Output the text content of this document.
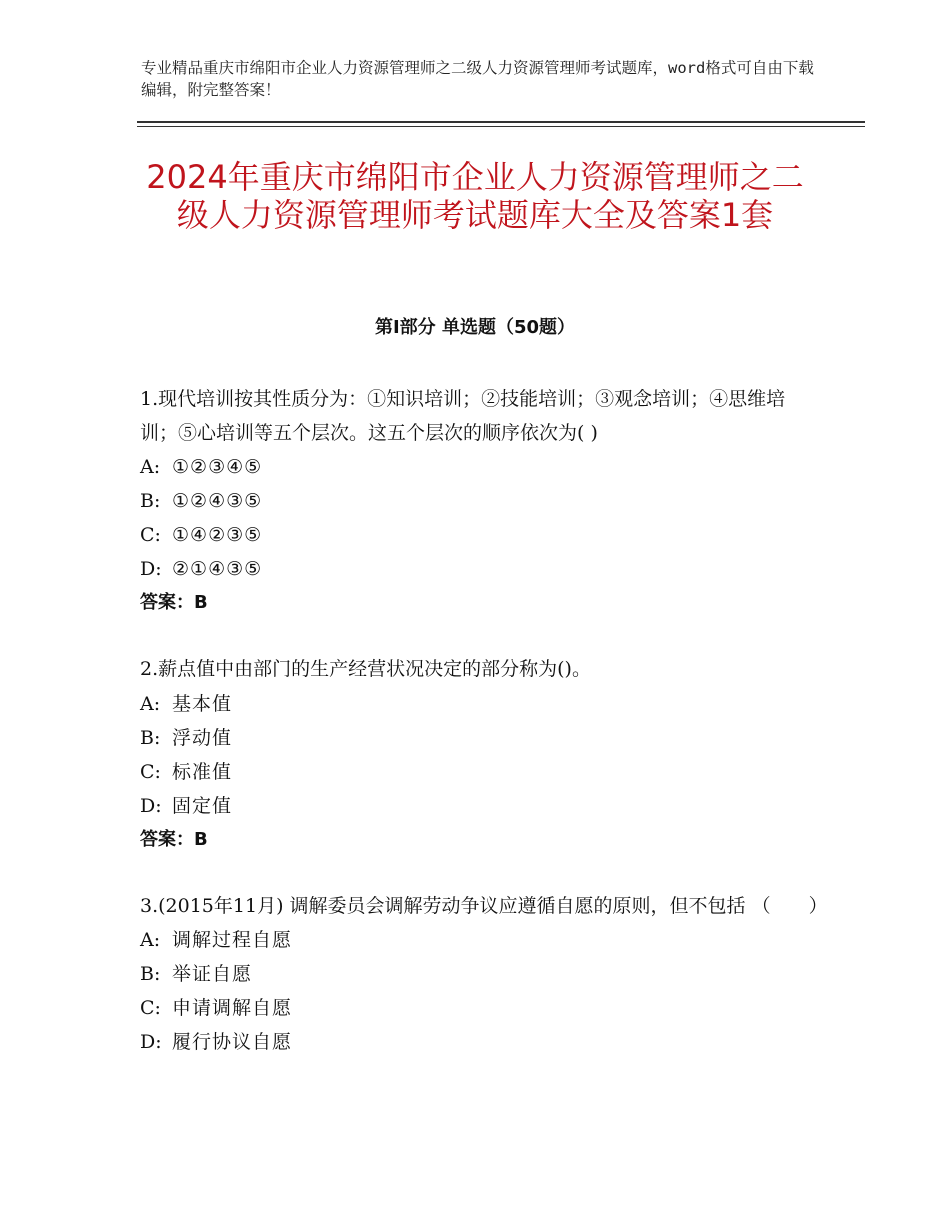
专业精品重庆市绵阳市企业人力资源管理师之二级人力资源管理师考试题库，word格式可自由下载编辑，附完整答案！
2024年重庆市绵阳市企业人力资源管理师之二级人力资源管理师考试题库大全及答案1套
第Ⅰ部分 单选题（50题）

1.现代培训按其性质分为：①知识培训；②技能培训；③观念培训；④思维培训；⑤心培训等五个层次。这五个层次的顺序依次为( )

A: ①②③④⑤

B: ①②④③⑤

C: ①④②③⑤

D: ②①④③⑤

答案：B

2.薪点值中由部门的生产经营状况决定的部分称为()。

A: 基本值

B: 浮动值

C: 标准值

D: 固定值

答案：B

3.(2015年11月) 调解委员会调解劳动争议应遵循自愿的原则，但不包括 （　　）

A: 调解过程自愿

B: 举证自愿

C: 申请调解自愿

D: 履行协议自愿
